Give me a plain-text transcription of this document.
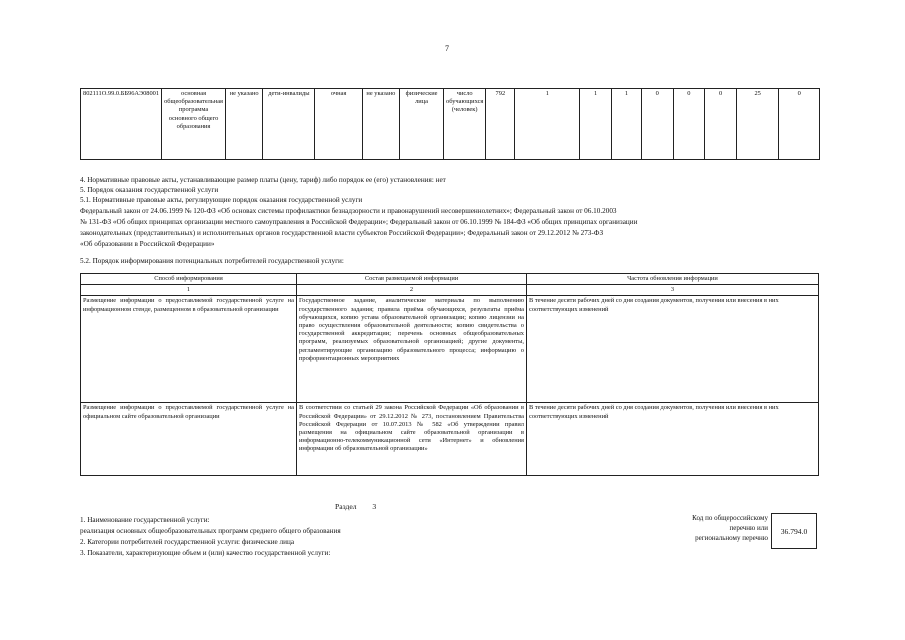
7
802111О.99.0.ББ96АЭ08001	основная общеобразовательная программа основного общего образования	не указано	дети-инвалиды	очная	не указано	физические лица	число обучающихся (человек)	792	1	1	1	0	0	0	25	0
4. Нормативные правовые акты, устанавливающие размер платы (цену, тариф) либо порядок ее (его) установления: нет
5. Порядок оказания государственной услуги
5.1. Нормативные правовые акты, регулирующие порядок оказания государственной услуги
Федеральный закон от 24.06.1999 № 120-ФЗ «Об основах системы профилактики безнадзорности и правонарушений несовершеннолетних»; Федеральный закон от 06.10.2003
№ 131-ФЗ «Об общих принципах организации местного самоуправления в Российской Федерации»; Федеральный закон от 06.10.1999 № 184-ФЗ «Об общих принципах организации
законодательных (представительных) и исполнительных органов государственной власти субъектов Российской Федерации»; Федеральный закон от 29.12.2012 № 273-ФЗ
«Об образовании в Российской Федерации»
5.2. Порядок информирования потенциальных потребителей государственной услуги:
Способ информирования	Состав размещаемой информации	Частота обновления информации
1	2	3
Размещение информации о предоставляемой государственной услуге на информационном стенде, размещенном в образовательной организации	Государственное задание, аналитические материалы по выполнению государственного задания; правила приёма обучающихся, результаты приёма обучающихся, копию устава образовательной организации; копию лицензии на право осуществления образовательной деятельности; копию свидетельства о государственной аккредитации; перечень основных общеобразовательных программ, реализуемых образовательной организацией; другие документы, регламентирующие организацию образовательного процесса; информацию о профориентационных мероприятиях	В течение десяти рабочих дней со дня создания документов, получения или внесения в них соответствующих изменений
Размещение информации о предоставляемой государственной услуге на официальном сайте образовательной организации	В соответствии со статьей 29 закона Российской Федерации «Об образовании в Российской Федерации» от 29.12.2012 № 273, постановлением Правительства Российской Федерации от 10.07.2013 № 582 «Об утверждении правил размещения на официальном сайте образовательной организации в информационно-телекоммуникационной сети «Интернет» и обновления информации об образовательной организации»	В течение десяти рабочих дней со дня создания документов, получения или внесения в них соответствующих изменений
Раздел 3
1. Наименование государственной услуги:
реализация основных общеобразовательных программ среднего общего образования
2. Категории потребителей государственной услуги: физические лица
3. Показатели, характеризующие объем и (или) качество государственной услуги:
Код по общероссийскому
перечню или
региональному перечню
36.794.0
